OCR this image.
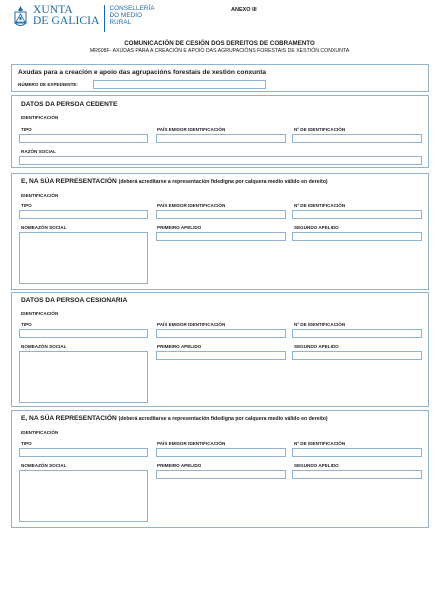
XUNTA
DE GALICIA
CONSELLERÍA
DO MEDIO
RURAL
ANEXO III
COMUNICACIÓN DE CESIÓN DOS DEREITOS DE COBRAMENTO
MR608F- AXUDAS PARA A CREACIÓN E APOIO DAS AGRUPACIÓNS FORESTAIS DE XESTIÓN CONXUNTA
Axudas para a creación e apoio das agrupacións forestais de xestión conxunta
NÚMERO DE EXPEDIENTE:
DATOS DA PERSOA CEDENTE
IDENTIFICACIÓN
TIPO	PAÍS EMISOR IDENTIFICACIÓN	Nº DE IDENTIFICACIÓN
RAZÓN SOCIAL
E, NA SÚA REPRESENTACIÓN (deberá acreditarse a representación fidedigna por calquera medio válido en dereito)
IDENTIFICACIÓN
TIPO	PAÍS EMISOR IDENTIFICACIÓN	Nº DE IDENTIFICACIÓN
NOMEAZÓN SOCIAL	PRIMEIRO APELIDO	SEGUNDO APELIDO
DATOS DA PERSOA CESIONARIA
IDENTIFICACIÓN
TIPO	PAÍS EMISOR IDENTIFICACIÓN	Nº DE IDENTIFICACIÓN
NOMEAZÓN SOCIAL	PRIMEIRO APELIDO	SEGUNDO APELIDO
E, NA SÚA REPRESENTACIÓN (deberá acreditarse a representación fidedigna por calquera medio válido en dereito)
IDENTIFICACIÓN
TIPO	PAÍS EMISOR IDENTIFICACIÓN	Nº DE IDENTIFICACIÓN
NOMEAZÓN SOCIAL	PRIMEIRO APELIDO	SEGUNDO APELIDO
